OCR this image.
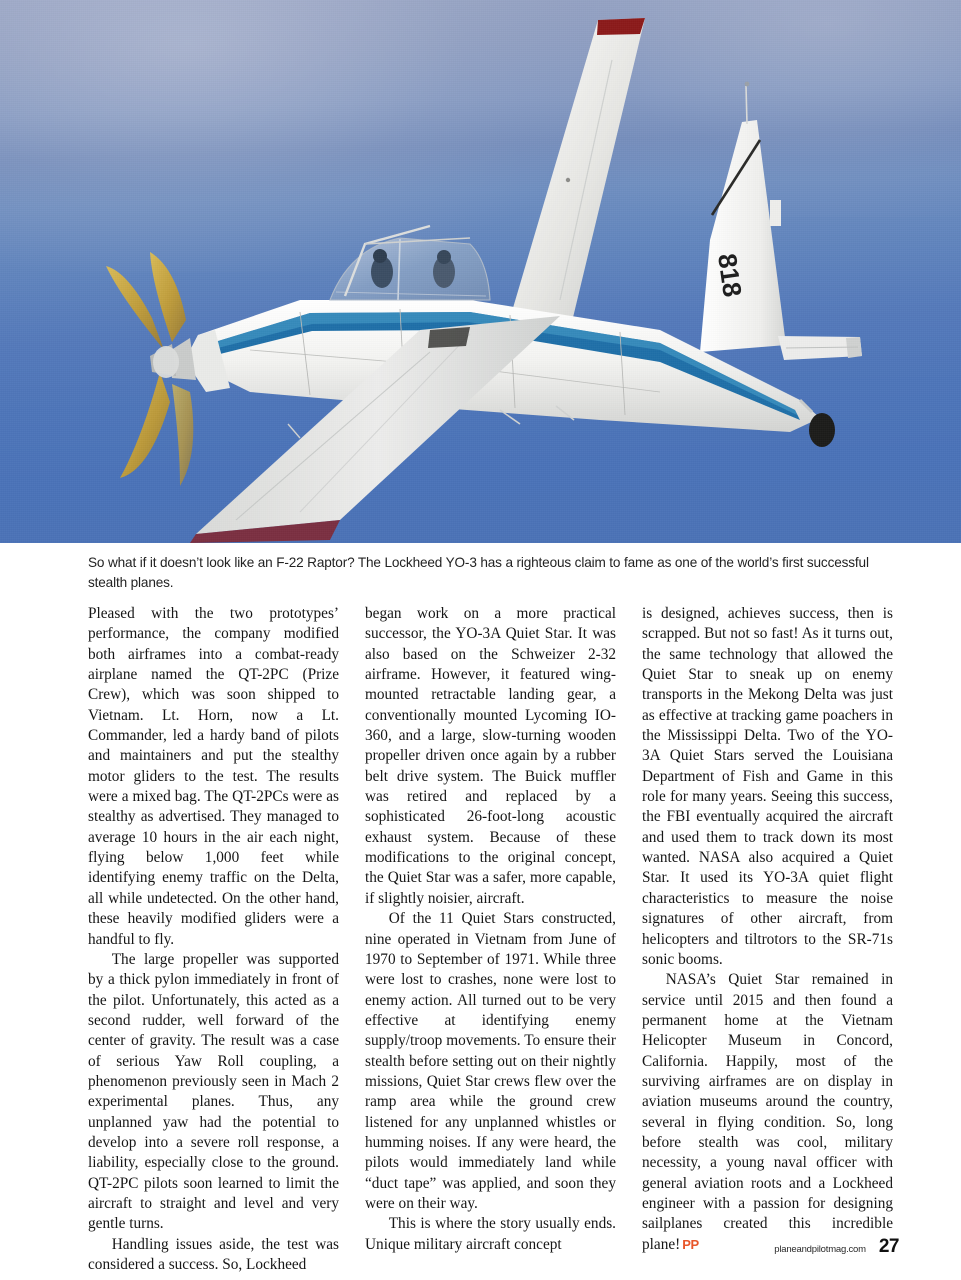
818
So what if it doesn’t look like an F-22 Raptor? The Lockheed YO-3 has a righteous claim to fame as one of the world’s first successful stealth planes.

Pleased with the two prototypes’ performance, the company modified both airframes into a combat-ready airplane named the QT-2PC (Prize Crew), which was soon shipped to Vietnam. Lt. Horn, now a Lt. Commander, led a hardy band of pilots and maintainers and put the stealthy motor gliders to the test. The results were a mixed bag. The QT-2PCs were as stealthy as advertised. They managed to average 10 hours in the air each night, flying below 1,000 feet while identifying enemy traffic on the Delta, all while undetected. On the other hand, these heavily modified gliders were a handful to fly.

The large propeller was supported by a thick pylon immediately in front of the pilot. Unfortunately, this acted as a second rudder, well forward of the center of gravity. The result was a case of serious Yaw Roll coupling, a phenomenon previously seen in Mach 2 experimental planes. Thus, any unplanned yaw had the potential to develop into a severe roll response, a liability, especially close to the ground. QT-2PC pilots soon learned to limit the aircraft to straight and level and very gentle turns.

Handling issues aside, the test was considered a success. So, Lockheed

began work on a more practical successor, the YO-3A Quiet Star. It was also based on the Schweizer 2-32 airframe. However, it featured wing-mounted retractable landing gear, a conventionally mounted Lycoming IO-360, and a large, slow-turning wooden propeller driven once again by a rubber belt drive system. The Buick muffler was retired and replaced by a sophisticated 26-foot-long acoustic exhaust system. Because of these modifications to the original concept, the Quiet Star was a safer, more capable, if slightly noisier, aircraft.

Of the 11 Quiet Stars constructed, nine operated in Vietnam from June of 1970 to September of 1971. While three were lost to crashes, none were lost to enemy action. All turned out to be very effective at identifying enemy supply/troop movements. To ensure their stealth before setting out on their nightly missions, Quiet Star crews flew over the ramp area while the ground crew listened for any unplanned whistles or humming noises. If any were heard, the pilots would immediately land while “duct tape” was applied, and soon they were on their way.

This is where the story usually ends. Unique military aircraft concept

is designed, achieves success, then is scrapped. But not so fast! As it turns out, the same technology that allowed the Quiet Star to sneak up on enemy transports in the Mekong Delta was just as effective at tracking game poachers in the Mississippi Delta. Two of the YO-3A Quiet Stars served the Louisiana Department of Fish and Game in this role for many years. Seeing this success, the FBI eventually acquired the aircraft and used them to track down its most wanted. NASA also acquired a Quiet Star. It used its YO-3A quiet flight characteristics to measure the noise signatures of other aircraft, from helicopters and tiltrotors to the SR-71s sonic booms.

NASA’s Quiet Star remained in service until 2015 and then found a permanent home at the Vietnam Helicopter Museum in Concord, California. Happily, most of the surviving airframes are on display in aviation museums around the country, several in flying condition. So, long before stealth was cool, military necessity, a young naval officer with general aviation roots and a Lockheed engineer with a passion for designing sailplanes created this incredible plane! PP	planeandpilotmag.com 27
